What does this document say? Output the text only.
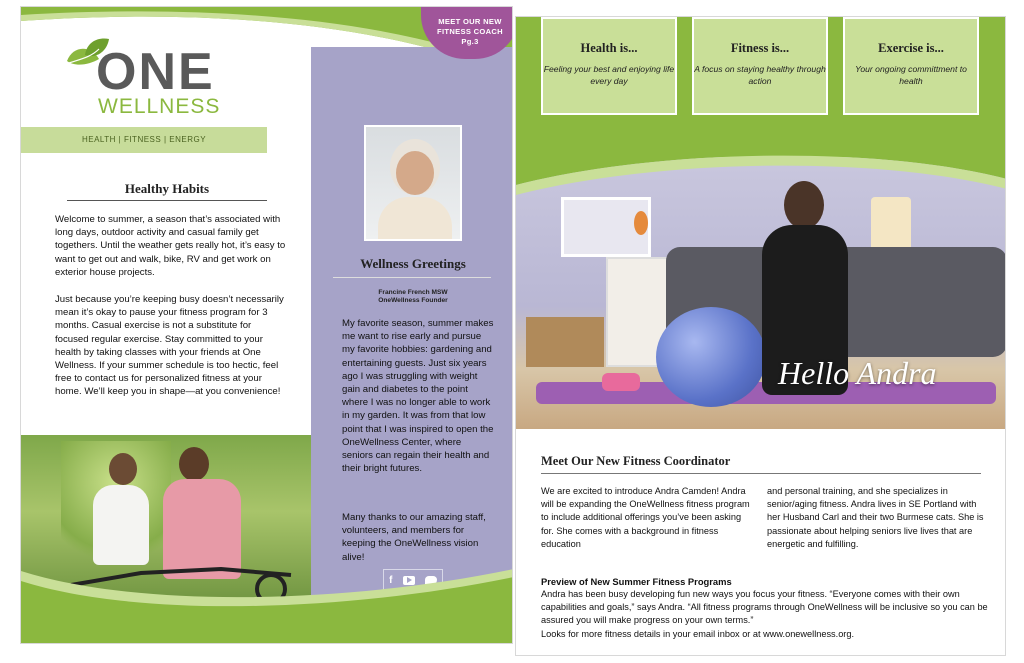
ONE
WELLNESS
HEALTH | FITNESS | ENERGY
MEET OUR NEW
FITNESS COACH
Pg.3
Healthy Habits
Welcome to summer, a season that’s associated with long days, outdoor activity and casual family get togethers. Until the weather gets really hot, it’s easy to want to get out and walk, bike, RV and get work on exterior house projects.
Just because you’re keeping busy doesn’t necessarily mean it’s okay to pause your fitness program for 3 months. Casual exercise is not a substitute for focused regular exercise. Stay committed to your health by taking classes with your friends at One Wellness. If your summer schedule is too hectic, feel free to contact us for personalized fitness at your home. We’ll keep you in shape—at you convenience!
Wellness Greetings
Francine French MSW
OneWellness Founder
My favorite season, summer makes me want to rise early and pursue my favorite hobbies: gardening and entertaining guests. Just six years ago I was struggling with weight gain and diabetes to the point where I was no longer able to work in my garden. It was from that low point that I was inspired to open the OneWellness Center, where seniors can regain their health and their bright futures.
Many thanks to our amazing staff, volunteers, and members for keeping the OneWellness vision alive!
f
Health is...
Feeling your best and enjoying life every day
Fitness is...
A focus on staying healthy through action
Exercise is...
Your ongoing committment to health
Hello Andra
Meet Our New Fitness Coordinator
We are excited to introduce Andra Camden! Andra will be expanding the OneWellness fitness program to include additional offerings you’ve been asking for. She comes with a background in fitness education
and personal training, and she specializes in senior/aging fitness. Andra lives in SE Portland with her Husband Carl and their two Burmese cats. She is passionate about helping seniors live lives that are energetic and fulfilling.
Preview of New Summer Fitness Programs
Andra has been busy developing fun new ways you focus your fitness. “Everyone comes with their own capabilities and goals,” says Andra. “All fitness programs through OneWellness will be inclusive so you can be assured you will make progress on your own terms.”
Looks for more fitness details in your email inbox or at www.onewellness.org.
